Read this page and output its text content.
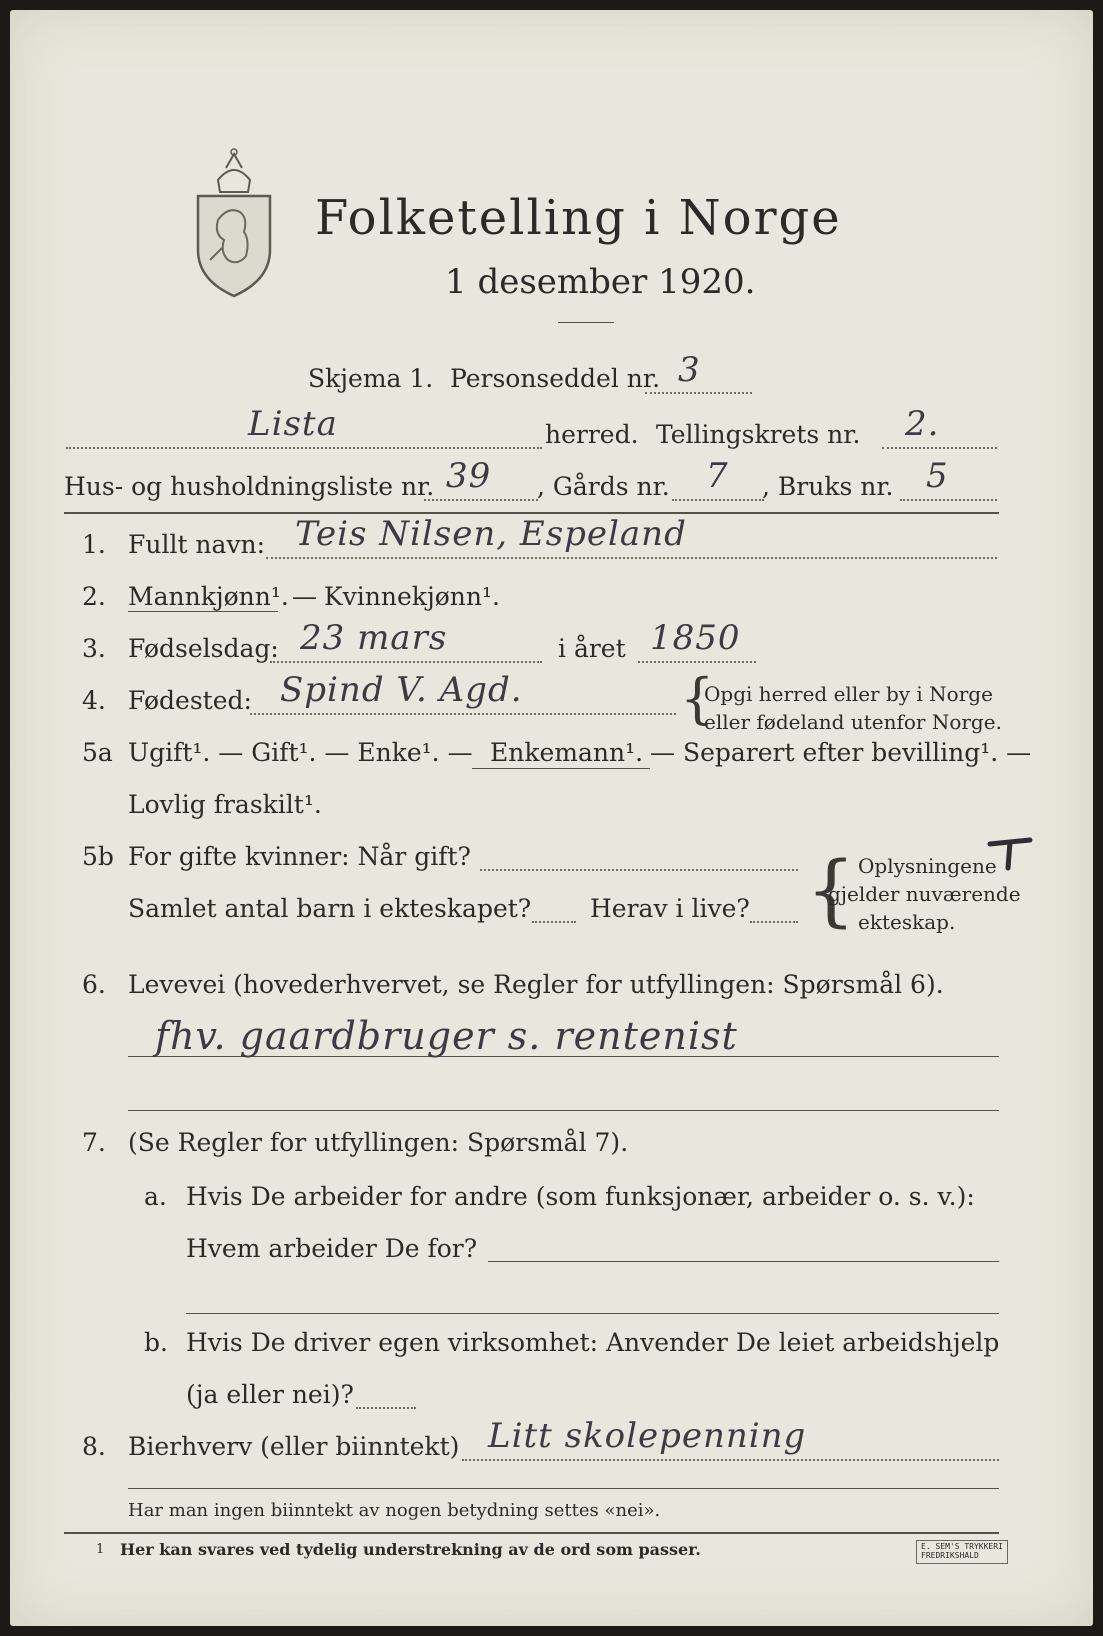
Folketelling i Norge
1 desember 1920.
Skjema 1. Personseddel nr. 3
Lista	herred. Tellingskrets nr. 2.
Hus- og husholdningsliste nr. 39 , Gårds nr. 7 , Bruks nr. 5
1. Fullt navn: Teis Nilsen, Espeland
2. Mannkjønn¹. — Kvinnekjønn¹.
3. Fødselsdag: 23 mars	i året 1850
4. Fødested: Spind V. Agd.	{
Opgi herred eller by i Norge
eller fødeland utenfor Norge.
5a Ugift¹. — Gift¹. — Enke¹. — Enkemann¹. — Separert efter bevilling¹. —
Lovlig fraskilt¹.
5b For gifte kvinner: Når gift?
Samlet antal barn i ekteskapet? Herav i live? { Oplysningene
gjelder nuværende
ekteskap.
6. Levevei (hovederhvervet, se Regler for utfyllingen: Spørsmål 6).
fhv. gaardbruger s. rentenist
7. (Se Regler for utfyllingen: Spørsmål 7).
a. Hvis De arbeider for andre (som funksjonær, arbeider o. s. v.):
Hvem arbeider De for?
b. Hvis De driver egen virksomhet: Anvender De leiet arbeidshjelp
(ja eller nei)?
8. Bierhverv (eller biinntekt) Litt skolepenning
Har man ingen biinntekt av nogen betydning settes «nei».
1 Her kan svares ved tydelig understrekning av de ord som passer.	E. SEM'S TRYKKERI
FREDRIKSHALD
